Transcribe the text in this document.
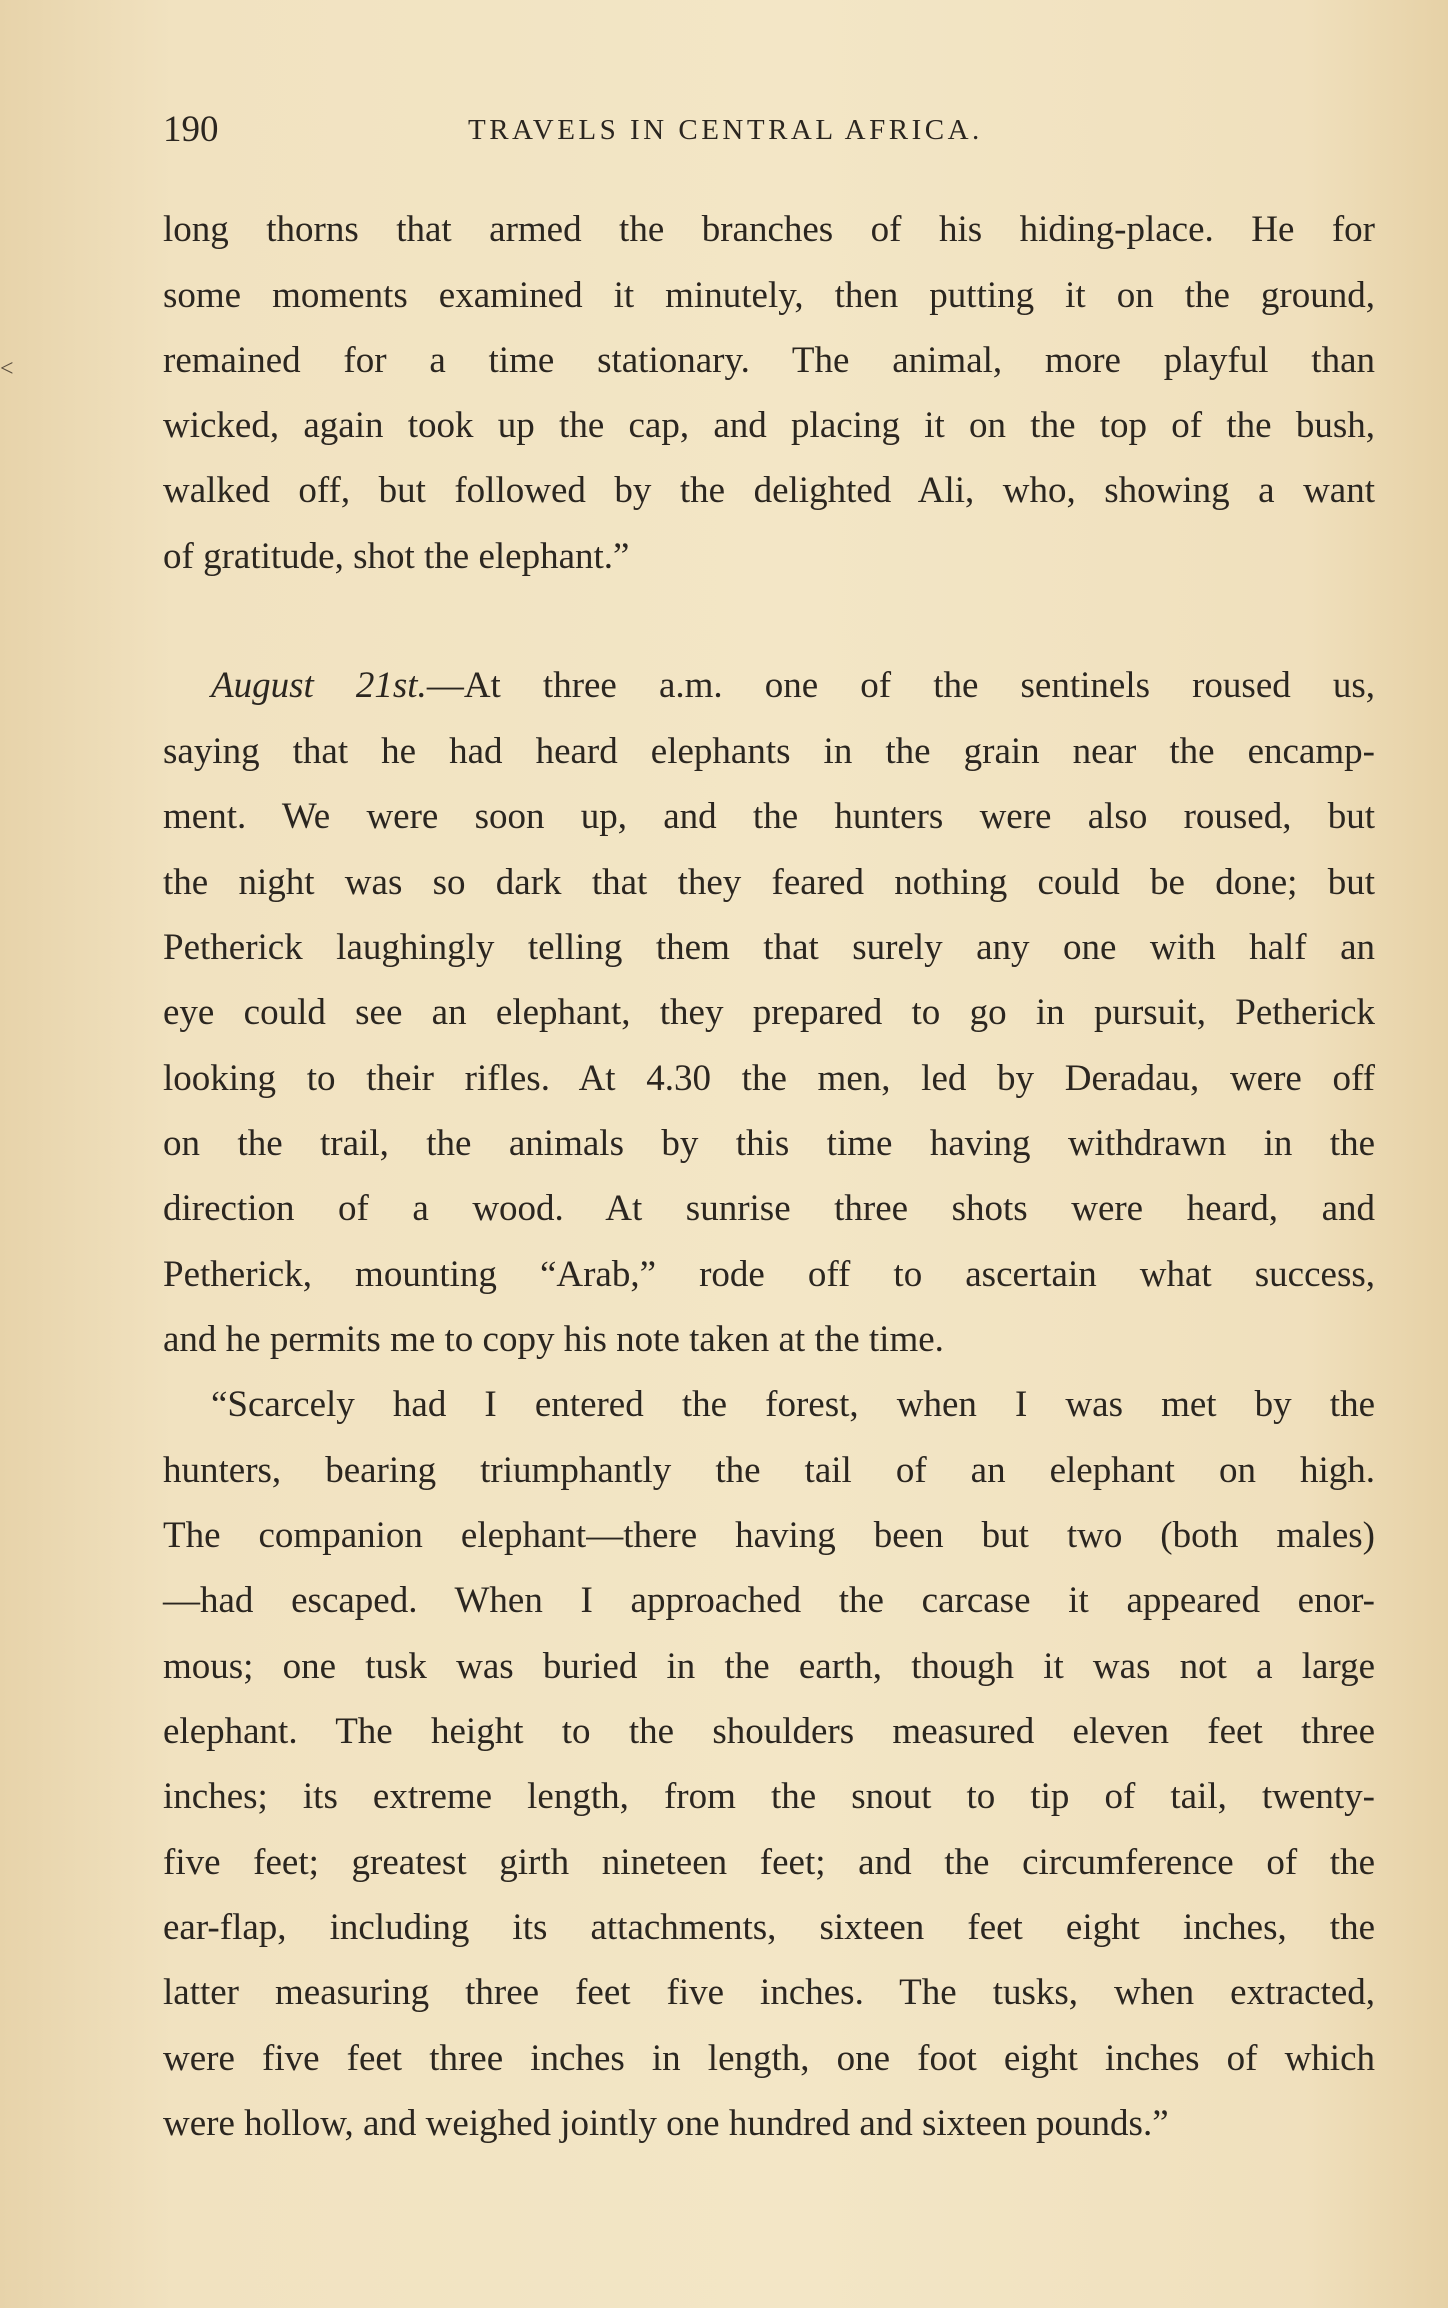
190	TRAVELS IN CENTRAL AFRICA.
<
long thorns that armed the branches of his hiding-place. He for
some moments examined it minutely, then putting it on the ground,
remained for a time stationary. The animal, more playful than
wicked, again took up the cap, and placing it on the top of the bush,
walked off, but followed by the delighted Ali, who, showing a want
of gratitude, shot the elephant.”
August 21st.—At three a.m. one of the sentinels roused us,
saying that he had heard elephants in the grain near the encamp-
ment. We were soon up, and the hunters were also roused, but
the night was so dark that they feared nothing could be done; but
Petherick laughingly telling them that surely any one with half an
eye could see an elephant, they prepared to go in pursuit, Petherick
looking to their rifles. At 4.30 the men, led by Deradau, were off
on the trail, the animals by this time having withdrawn in the
direction of a wood. At sunrise three shots were heard, and
Petherick, mounting “Arab,” rode off to ascertain what success,
and he permits me to copy his note taken at the time.
“Scarcely had I entered the forest, when I was met by the
hunters, bearing triumphantly the tail of an elephant on high.
The companion elephant—there having been but two (both males)
—had escaped. When I approached the carcase it appeared enor-
mous; one tusk was buried in the earth, though it was not a large
elephant. The height to the shoulders measured eleven feet three
inches; its extreme length, from the snout to tip of tail, twenty-
five feet; greatest girth nineteen feet; and the circumference of the
ear-flap, including its attachments, sixteen feet eight inches, the
latter measuring three feet five inches. The tusks, when extracted,
were five feet three inches in length, one foot eight inches of which
were hollow, and weighed jointly one hundred and sixteen pounds.”
